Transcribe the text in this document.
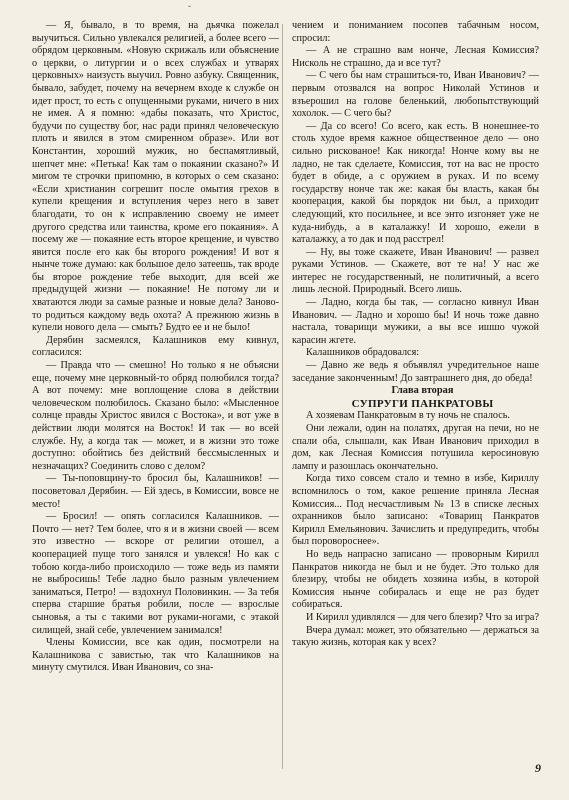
ˇ

— Я, бывало, в то время, на дьячка пожелал выучиться. Сильно увлекался религией, а более всего — обрядом церковным. «Новую скрижаль или объяснение о церкви, о литургии и о всех службах и утварях церковных» наизусть выучил. Ровно азбуку. Священник, бывало, забудет, почему на вечернем входе к службе он идет прост, то есть с опущенными руками, ничего в них не имея. А я помню: «дабы показать, что Христос, будучи по существу бог, нас ради принял человеческую плоть и явился в этом смиренном образе». Или вот Константин, хороший мужик, но беспамятливый, шепчет мне: «Петька! Как там о покаянии сказано?» И мигом те строчки припомню, в которых о сем сказано: «Если христианин согрешит после омытия грехов в купели крещения и вступления через него в завет благодати, то он к исправлению своему не имеет другого средства или таинства, кроме его покаяния». А посему же — покаяние есть второе крещение, и чувство явится после его как бы второго рождения! И вот я нынче тоже думаю: как большое дело затеешь, так вроде бы второе рождение тебе выходит, для всей же предыдущей жизни — покаяние! Не потому ли и хватаются люди за самые разные и новые дела? Заново-то родиться каждому ведь охота? А прежнюю жизнь в купели нового дела — смыть? Будто ее и не было!

Дерябин засмеялся, Калашников ему кивнул, согласился:

— Правда что — смешно! Но только я не объясни еще, почему мне церковный-то обряд полюбился тогда? А вот почему: мне воплощение слова в действии человеческом полюбилось. Сказано было: «Мысленное солнце правды Христос явился с Востока», и вот уже в действии люди молятся на Восток! И так — во всей службе. Ну, а когда так — может, и в жизни это тоже доступно: обойтись без действий бессмысленных и незначащих? Соединить слово с делом?

— Ты-поповщину-то бросил бы, Калашников! — посоветовал Дерябин. — Ей здесь, в Комиссии, вовсе не место!

— Бросил! — опять согласился Калашников. — Почто — нет? Тем более, что я и в жизни своей — всем это известно — вскоре от религии отошел, а кооперацией пуще того занялся и увлекся! Но как с тобою когда-либо происходило — тоже ведь из памяти не выбросишь! Тебе ладно было разным увлечением заниматься, Петро! — вздохнул Половинкин. — За тебя сперва старшие братья робили, после — взрослые сыновья, а ты с такими вот руками-ногами, с этакой силищей, знай себе, увлечением занимался!

Члены Комиссии, все как один, посмотрели на Калашникова с завистью, так что Калашников на минуту смутился. Иван Иванович, со зна-

чением и пониманием поcопев табачным носом, спросил:

— А не страшно вам нонче, Лесная Комиссия? Нисколь не страшно, да и все тут?

— С чего бы нам страшиться-то, Иван Иванович? — первым отозвался на вопрос Николай Устинов и взъерошил на голове беленький, любопытствующий хохолок. — С чего бы?

— Да со всего! Со всего, как есть. В нонешнее-то столь худое время кажное общественное дело — оно сильно рискованое! Как никогда! Нонче кому вы не ладно, не так сделаете, Комиссия, тот на вас не просто будет в обиде, а с оружием в руках. И по всему государству нонче так же: какая бы власть, какая бы кооперация, какой бы порядок ни был, а приходит следующий, кто посильнее, и все энто изгоняет уже не куда-нибудь, а в каталажку! И хорошо, ежели в каталажку, а то дак и под расстрел!

— Ну, вы тоже скажете, Иван Иванович! — развел руками Устинов. — Скажете, вот те на! У нас же интерес не государственный, не политичный, а всего лишь лесной. Природный. Всего лишь.

— Ладно, когда бы так, — согласно кивнул Иван Иванович. — Ладно и хорошо бы! И ночь тоже давно настала, товарищи мужики, а вы все ишшо чужой карасин жгете.

Калашников обрадовался:

— Давно же ведь я объявлял учредительное наше заседание законченным! До завтрашнего дня, до обеда!

Глава вторая

СУПРУГИ ПАНКРАТОВЫ

А хозяевам Панкратовым в ту ночь не спалось.

Они лежали, один на полатях, другая на печи, но не спали оба, слышали, как Иван Иванович приходил в дом, как Лесная Комиссия потушила керосиновую лампу и разошлась окончательно.

Когда тихо совсем стало и темно в избе, Кириллу вспомнилось о том, какое решение приняла Лесная Комиссия... Под несчастливым № 13 в списке лесных охранников было записано: «Товарищ Панкратов Кирилл Емельянович. Зачислить и предупредить, чтобы был поровороснее».

Но ведь напрасно записано — проворным Кирилл Панкратов никогда не был и не будет. Это только для блезиру, чтобы не обидеть хозяина избы, в которой Комиссия нынче собиралась и еще не раз будет собираться.

И Кирилл удивлялся — для чего блезир? Что за игра?

Вчера думал: может, это обязательно — держаться за такую жизнь, которая как у всех?

9
